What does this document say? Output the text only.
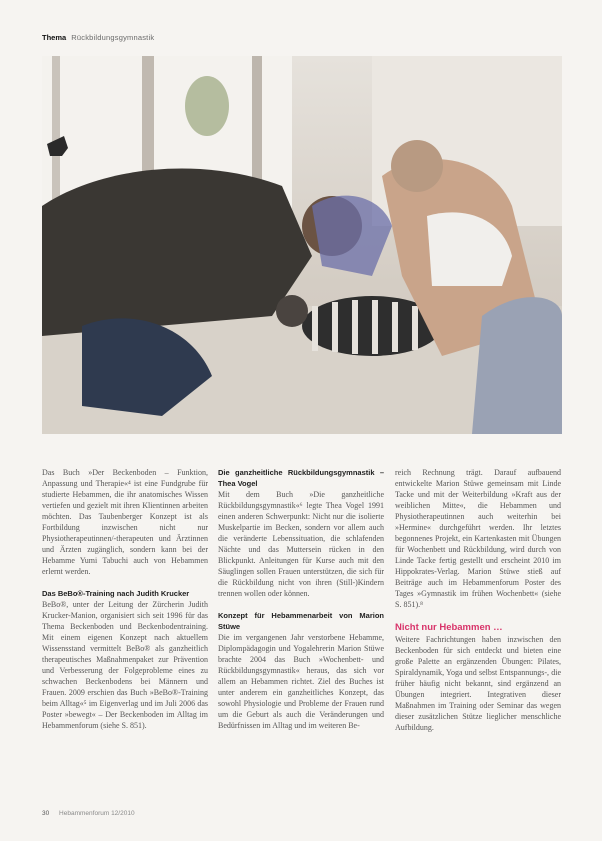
Thema Rückbildungsgymnastik

Das Buch »Der Beckenboden – Funktion, Anpassung und Therapie«⁴ ist eine Fundgrube für studierte Hebammen, die ihr anatomisches Wissen vertiefen und gezielt mit ihren Klientinnen arbeiten möchten. Das Taubenberger Konzept ist als Fortbildung inzwischen nicht nur Physiotherapeutinnen/-therapeuten und Ärztinnen und Ärzten zugänglich, sondern kann bei der Hebamme Yumi Tabuchi auch von Hebammen erlernt werden.

Das BeBo®-Training nach Judith Krucker

BeBo®, unter der Leitung der Zürcherin Judith Krucker-Manion, organisiert sich seit 1996 für das Thema Beckenboden und Beckenbodentraining. Mit einem eigenen Konzept nach aktuellem Wissensstand vermittelt BeBo® als ganzheitlich therapeutisches Maßnahmenpaket zur Prävention und Verbesserung der Folgeprobleme eines zu schwachen Beckenbodens bei Männern und Frauen. 2009 erschien das Buch »BeBo®-Training beim Alltag«⁵ im Eigenverlag und im Juli 2006 das Poster »bewegt« – Der Beckenboden im Alltag im Hebammenforum (siehe S. 851).

Die ganzheitliche Rückbildungsgymnastik – Thea Vogel

Mit dem Buch »Die ganzheitliche Rückbildungsgymnastik«⁶ legte Thea Vogel 1991 einen anderen Schwerpunkt: Nicht nur die isolierte Muskelpartie im Becken, sondern vor allem auch die veränderte Lebenssituation, die schlafenden Nächte und das Muttersein rücken in den Blickpunkt. Anleitungen für Kurse auch mit den Säuglingen sollen Frauen unterstützen, die sich für die Rückbildung nicht von ihren (Still-)Kindern trennen wollen oder können.

Konzept für Hebammenarbeit von Marion Stüwe

Die im vergangenen Jahr verstorbene Hebamme, Diplompädagogin und Yogalehrerin Marion Stüwe brachte 2004 das Buch »Wochenbett- und Rückbildungsgymnastik« heraus, das sich vor allem an Hebammen richtet. Ziel des Buches ist unter anderem ein ganzheitliches Konzept, das sowohl Physiologie und Probleme der Frauen rund um die Geburt als auch die Veränderungen und Bedürfnissen im Alltag und im weiteren Be-

reich Rechnung trägt. Darauf aufbauend entwickelte Marion Stüwe gemeinsam mit Linde Tacke und mit der Weiterbildung »Kraft aus der weiblichen Mitte«, die Hebammen und Physiotherapeutinnen auch weiterhin bei »Hermine« durchgeführt werden. Ihr letztes begonnenes Projekt, ein Kartenkasten mit Übungen für Wochenbett und Rückbildung, wird durch von Linde Tacke fertig gestellt und erscheint 2010 im Hippokrates-Verlag. Marion Stüwe stieß auf Beiträge auch im Hebammenforum Poster des Tages »Gymnastik im frühen Wochenbett« (siehe S. 851).⁸

Nicht nur Hebammen …

Weitere Fachrichtungen haben inzwischen den Beckenboden für sich entdeckt und bieten eine große Palette an ergänzenden Übungen: Pilates, Spiraldynamik, Yoga und selbst Entspannungs-, die früher häufig nicht bekannt, sind ergänzend an Übungen integriert. Integrativen dieser Maßnahmen im Training oder Seminar das wegen dieser zusätzlichen Stütze lieglicher menschliche Aufbildung.

30 Hebammenforum 12/2010
